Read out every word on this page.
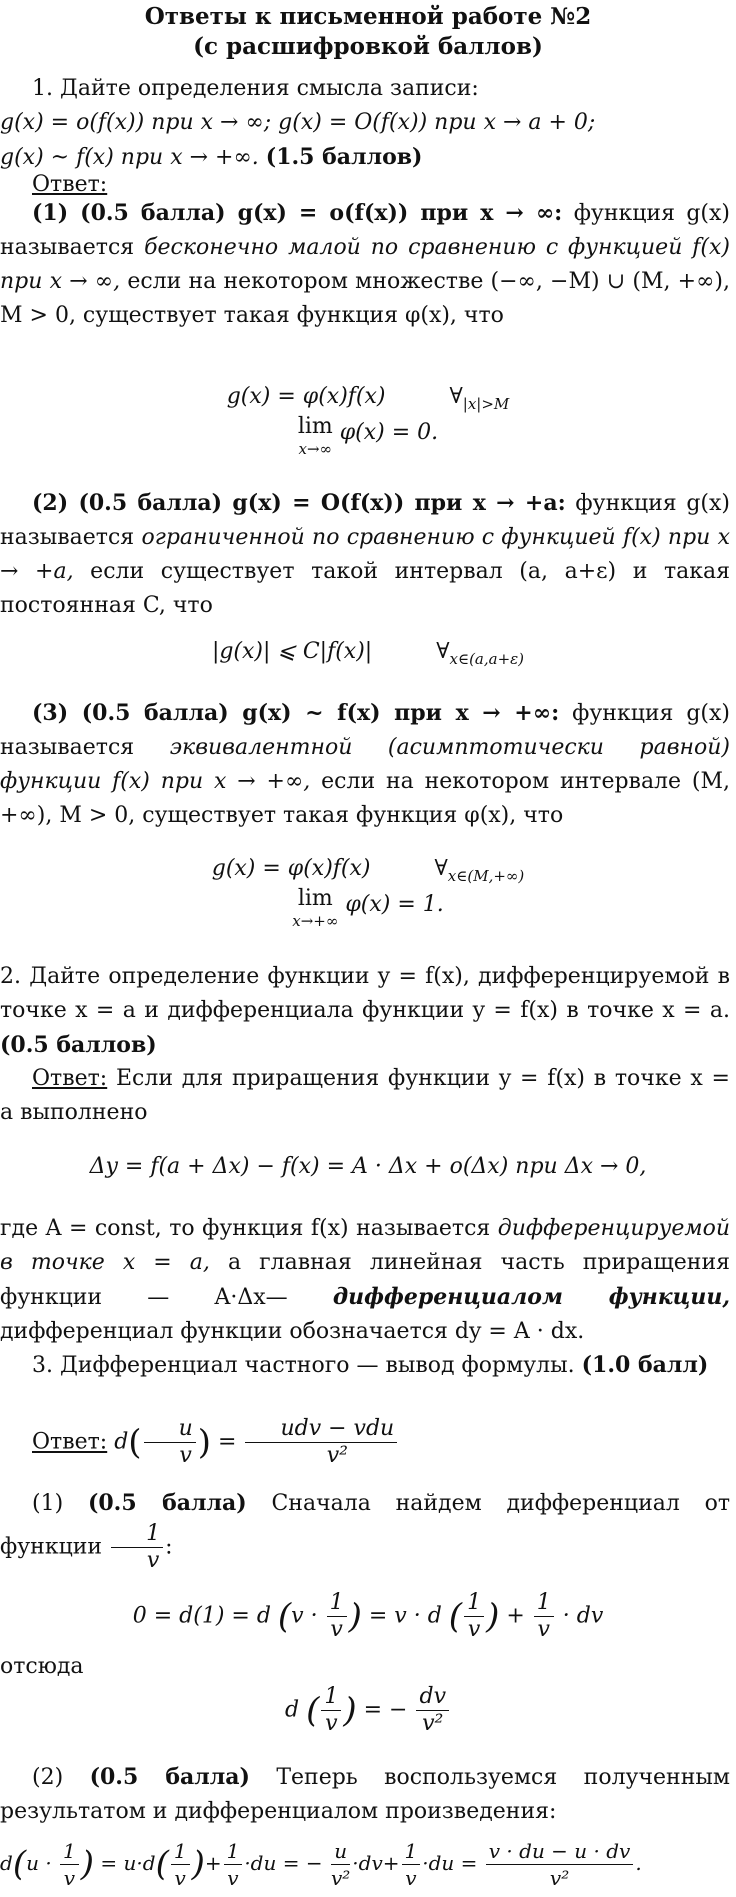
Ответы к письменной работе №2
(с расшифровкой баллов)
1. Дайте определения смысла записи:
g(x) = o(f(x)) при x → ∞; g(x) = O(f(x)) при x → a + 0;
g(x) ~ f(x) при x → +∞. (1.5 баллов)
Ответ:
(1) (0.5 балла) g(x) = o(f(x)) при x → ∞: функция g(x) называется бесконечно малой по сравнению с функцией f(x) при x → ∞, если на некотором множестве (−∞, −M) ∪ (M, +∞), M > 0, существует такая функция φ(x), что
g(x) = φ(x)f(x)	$\forall_{|x|>M}$
lim
x→∞
φ(x) = 0.
(2) (0.5 балла) g(x) = O(f(x)) при x → +a: функция g(x) называется ограниченной по сравнению с функцией f(x) при x → +a, если существует такой интервал (a, a+ε) и такая постоянная C, что
|g(x)| ⩽ C|f(x)|	$\forall_{x\in(a,a+\varepsilon)}$
(3) (0.5 балла) g(x) ~ f(x) при x → +∞: функция g(x) называется эквивалентной (асимптотически равной) функции f(x) при x → +∞, если на некотором интервале (M, +∞), M > 0, существует такая функция φ(x), что
g(x) = φ(x)f(x)	$\forall_{x\in(M,+\infty)}$
lim
x→+∞
φ(x) = 1.
2. Дайте определение функции y = f(x), дифференцируемой в точке x = a и дифференциала функции y = f(x) в точке x = a. (0.5 баллов)
Ответ: Если для приращения функции y = f(x) в точке x = a выполнено
Δy = f(a + Δx) − f(x) = A · Δx + o(Δx) при Δx → 0,
где A = const, то функция f(x) называется дифференцируемой в точке x = a, а главная линейная часть приращения функции — A·Δx— дифференциалом функции, дифференциал функции обозначается dy = A · dx.
3. Дифференциал частного — вывод формулы. (1.0 балл)
Ответ: $d( \frac{u}{v}$ ) = $\frac{\text{udv − vdu}}{\text{v²}}$
(1) (0.5 балла) Сначала найдем дифференциал от функции $\frac{1}{v}$ :
0 = d(1) = d ($v \cdot \frac{1}{v}$ ) = v · d ( $\frac{1}{v}$ ) + $\frac{1}{v}$ · dv
отсюда
d ( $\frac{1}{v}$ ) = − $\frac{dv}{\text{v²}}$
(2) (0.5 балла) Теперь воспользуемся полученным результатом и дифференциалом произведения:
$d(u \cdot \frac{1}{v}$ ) = $u\cdot d( \frac{1}{v}$ )+ $\frac{1}{v} \cdot du$ = − $\frac{u}{\text{v²}} \cdot dv+ \frac{1}{v} \cdot du = \frac{v \cdot du - u \cdot dv}{\text{v²}}$ .
